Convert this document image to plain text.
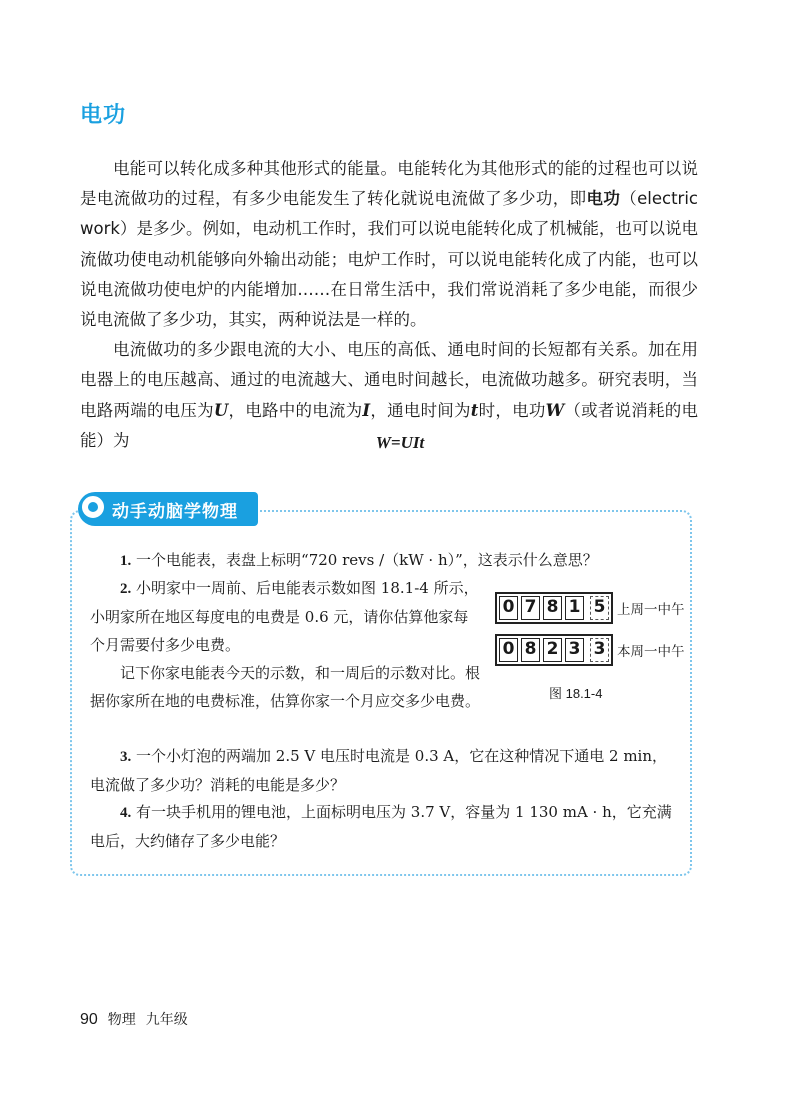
电功

电能可以转化成多种其他形式的能量。电能转化为其他形式的能的过程也可以说是电流做功的过程，有多少电能发生了转化就说电流做了多少功，即电功（electric work）是多少。例如，电动机工作时，我们可以说电能转化成了机械能，也可以说电流做功使电动机能够向外输出动能；电炉工作时，可以说电能转化成了内能，也可以说电流做功使电炉的内能增加……在日常生活中，我们常说消耗了多少电能，而很少说电流做了多少功，其实，两种说法是一样的。

电流做功的多少跟电流的大小、电压的高低、通电时间的长短都有关系。加在用电器上的电压越高、通过的电流越大、通电时间越长，电流做功越多。研究表明，当电路两端的电压为U，电路中的电流为I，通电时间为t时，电功W（或者说消耗的电能）为	W=UIt
动手动脑学物理

1. 一个电能表，表盘上标明“720 revs /（kW · h）”，这表示什么意思？

2. 小明家中一周前、后电能表示数如图 18.1-4 所示，小明家所在地区每度电的电费是 0.6 元，请你估算他家每个月需要付多少电费。

记下你家电能表今天的示数，和一周后的示数对比。根据你家所在地的电费标准，估算你家一个月应交多少电费。

3. 一个小灯泡的两端加 2.5 V 电压时电流是 0.3 A，它在这种情况下通电 2 min，电流做了多少功？消耗的电能是多少？

4. 有一块手机用的锂电池，上面标明电压为 3.7 V，容量为 1 130 mA · h，它充满电后，大约储存了多少电能？

0 7 8 1 5 上周一中午
0 8 2 3 3 本周一中午
图 18.1-4
90 物理 九年级
